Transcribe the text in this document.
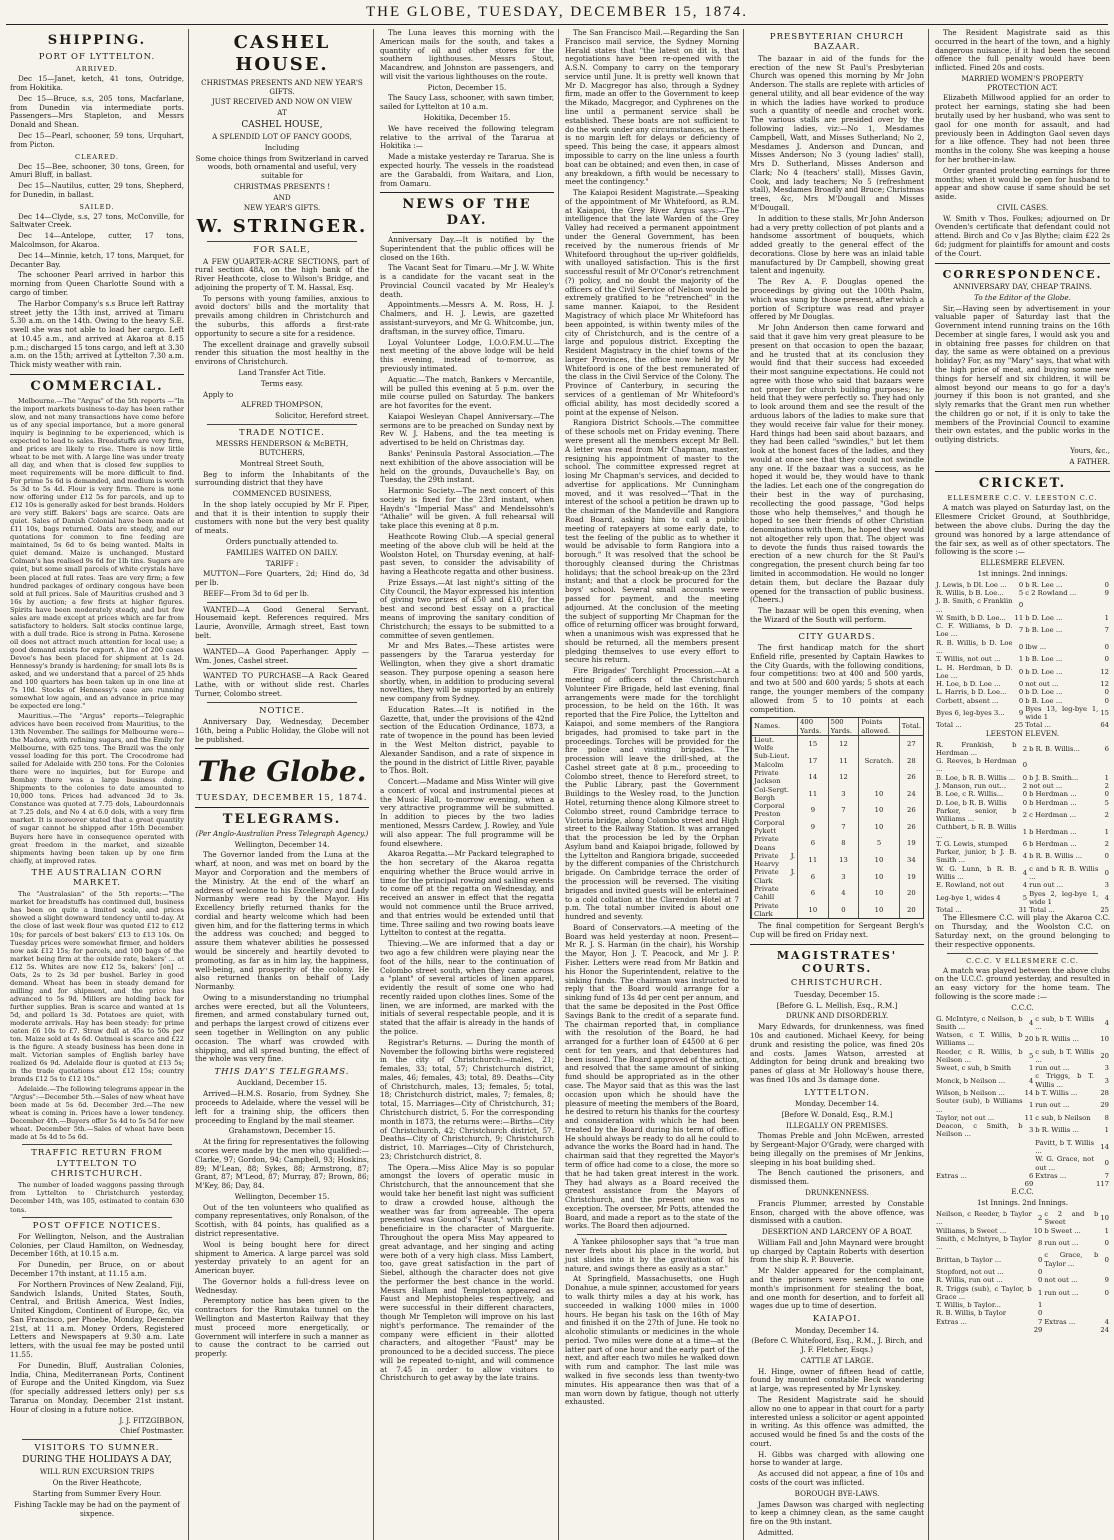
THE GLOBE, TUESDAY, DECEMBER 15, 1874.
SHIPPING.
PORT OF LYTTELTON.
ARRIVED.

Dec 15—Janet, ketch, 41 tons, Outridge, from Hokitika.

Dec 15—Bruce, s.s, 205 tons, Macfarlane, from Dunedin via intermediate ports. Passengers—Mrs Stapleton, and Messrs Donald and Shean.

Dec 15—Pearl, schooner, 59 tons, Urquhart, from Picton.

CLEARED.

Dec 15—Bee, schooner, 30 tons, Green, for Amuri Bluff, in ballast.

Dec 15—Nautilus, cutter, 29 tons, Shepherd, for Dunedin, in ballast.

SAILED.

Dec 14—Clyde, s.s, 27 tons, McConville, for Saltwater Creek.

Dec 14—Antelope, cutter, 17 tons, Malcolmson, for Akaroa.

Dec 14—Minnie, ketch, 17 tons, Marquet, for Decanter Bay.

The schooner Pearl arrived in harbor this morning from Queen Charlotte Sound with a cargo of timber.

The Harbor Company's s.s Bruce left Rattray street jetty the 13th inst, arrived at Timaru 5.30 a.m. on the 14th. Owing to the heavy S.E. swell she was not able to load her cargo. Left at 10.45 a.m., and arrived at Akaroa at 8.15 p.m.; discharged 15 tons cargo, and left at 3.30 a.m. on the 15th; arrived at Lyttelton 7.30 a.m. Thick misty weather with rain.

COMMERCIAL.

Melbourne.—The "Argus" of the 5th reports —"In the import markets business to-day has been rather slow, and not many transactions have come before us of any special importance, but a more general inquiry is beginning to be experienced, which is expected to lead to sales. Breadstuffs are very firm, and prices are likely to rise. There is now little wheat to be met with. A large line was under treaty all day, and when that is closed few supplies to meet requirements will be more difficult to find. For prime 5s 6d is demanded, and medium is worth 5s 3d to 5s 4d. Flour is very firm. There is none now offering under £12 5s for parcels, and up to £12 10s is generally asked for best brands. Holders are very stiff. Bakers' bags are scarce. Oats are quiet. Sales of Danish Colonial have been made at £11 10s, bags returned. Oats are steady, and our quotations for common to fine feeding are maintained, 5s 6d to 6s being wanted. Malts in quiet demand. Maize is unchanged. Mustard Colman's has realised 9s 6d for 1lb tins. Sugars are quiet, but some small parcels of white crystals have been placed at full rates. Teas are very firm; a few hundred packages of ordinary congous have been sold at full prices. Sale of Mauritius crushed and 3 16s by auction; a few firsts at higher figures. Spirits have been moderately steady, and but few sales are made except at prices which are far from satisfactory to holders. Salt stocks continue large, with a dull trade. Rice is strong in Patna. Kerosene oil does not attract much attention for local use; a good demand exists for export. A line of 200 cases Devoe's has been placed for shipment at 1s 2d. Hennessy's brandy is hardening; for small lots 8s is asked, and we understand that a parcel of 25 hhds and 100 quarters has been taken up in one line at 7s 10d. Stocks of Hennessy's case are running somewhat low again, and an advance in price may be expected ere long."

Mauritius.—The "Argus" reports—Telegraphic advices have been received from Mauritius, to the 13th November. The sailings for Melbourne were—the Madora, with refining sugars, and the Emily for Melbourne, with 625 tons. The Brazil was the only vessel loading for this port. The Crocodrome had sailed for Adelaide with 250 tons. For the Colonies there were no inquiries, but for Europe and Bombay there was a large business doing. Shipments to the colonies to date amounted to 10,000 tons. Prices had advanced 3d to 3s. Constance was quoted at 7.75 dols, Labourdonnais at 7.25 dols, and No 4 at 6.0 dols, with a very firm market. It is moreover stated that a great quantity of sugar cannot be shipped after 15th December. Buyers here have in consequence operated with great freedom in the market, and sizeable shipments having been taken up by one firm chiefly, at improved rates.

THE AUSTRALIAN CORN MARKET.

The "Australasian" of the 5th reports:—"The market for breadstuffs has continued dull, business has been on quite a limited scale, and prices showed a slight downward tendency until to-day. At the close of last week flour was quoted £12 to £12 10s; for parcels of best bakers' £13 to £13 10s. On Tuesday prices were somewhat firmer, and holders now ask £12 15s; for parcels, and 100 bags of the market being firm at the outside rate, bakers' ... at £12 5s. Whites are now £12 5s, bakers' [on] ... Oats, 2s to 2s 3d per bushel. Barley in good demand. Wheat has been in steady demand for milling and for shipment, and the price has advanced to 5s 9d. Millers are holding back for further supplies. Bran is scarce and wanted at 1s 5d, and pollard 1s 3d. Potatoes are quiet, with moderate arrivals. Hay has been steady: for prime oaten £6 10s to £7. Straw dull at 45s to 50s per ton. Maize sold at 4s 6d. Oatmeal is scarce and £22 is the figure. A steady business has been done in malt. Victorian samples of English barley have realized 6s 9d. Adelaide flour is quoted at £13 5s; in the trade quotations about £12 15s; country brands £12 5s to £12 10s."

Adelaide.—The following telegrams appear in the "Argus":—December 5th.—Sales of new wheat have been made at 5s 6d. December 3rd.—The new wheat is coming in. Prices have a lower tendency. December 4th.—Buyers offer 5s 4d to 5s 5d for new wheat. December 5th.—Sales of wheat have been made at 5s 4d to 5s 6d.

TRAFFIC RETURN FROM LYTTELTON TO CHRISTCHURCH.

The number of loaded waggons passing through from Lyttelton to Christchurch yesterday, December 14th, was 105, estimated to contain 630 tons.

POST OFFICE NOTICES.

For Wellington, Nelson, and the Australian Colonies, per Claud Hamilton, on Wednesday, December 16th, at 10.15 a.m.

For Dunedin, per Bruce, on or about December 17th instant, at 11.15 a.m.

For Northern Provinces of New Zealand, Fiji, Sandwich Islands, United States, South, Central, and British America, West Indies, United Kingdom, Continent of Europe, &c, via San Francisco, per Phoebe, Monday, December 21st, at 11 a.m. Money Orders, Registered Letters and Newspapers at 9.30 a.m. Late letters, with the usual fee may be posted until 11.55.

For Dunedin, Bluff, Australian Colonies, India, China, Mediterranean Ports, Continent of Europe and the United Kingdom, via Suez (for specially addressed letters only) per s.s Tararua on Monday, December 21st instant. Hour of closing in a future notice.

J. J. FITZGIBBON,

Chief Postmaster.

VISITORS TO SUMNER.

DURING THE HOLIDAYS A DAY,

WILL RUN EXCURSION TRIPS

On the River Heathcote,

Starting from Summer Every Hour.

Fishing Tackle may be had on the payment of sixpence.

CASHEL HOUSE.

CHRISTMAS PRESENTS AND NEW YEAR'S GIFTS.

JUST RECEIVED AND NOW ON VIEW

AT

CASHEL HOUSE,

A SPLENDID LOT OF FANCY GOODS,

Including

Some choice things from Switzerland in carved woods, both ornamental and useful, very suitable for

CHRISTMAS PRESENTS !

AND

NEW YEAR'S GIFTS.

W. STRINGER.
FOR SALE,

A FEW QUARTER-ACRE SECTIONS, part of rural section 48A, on the high bank of the River Heathcote, close to Wilson's Bridge, and adjoining the property of T. M. Hassal, Esq.

To persons with young families, anxious to avoid doctors' bills and the mortality that prevails among children in Christchurch and the suburbs, this affords a first-rate opportunity to secure a site for a residence.

The excellent drainage and gravelly subsoil render this situation the most healthy in the environs of Christchurch.

Land Transfer Act Title.

Terms easy.

Apply to

ALFRED THOMPSON,

Solicitor, Hereford street.

TRADE NOTICE.

MESSRS HENDERSON & McBETH, BUTCHERS,

Montreal Street South,

Beg to inform the Inhabitants of the surrounding district that they have

COMMENCED BUSINESS,

In the shop lately occupied by Mr F. Piper, and that it is their intention to supply their customers with none but the very best quality of meats.

Orders punctually attended to.

FAMILIES WAITED ON DAILY.

TARIFF :

MUTTON—Fore Quarters, 2d; Hind do, 3d per lb.

BEEF—From 3d to 6d per lb.

WANTED—A Good General Servant. Housemaid kept. References required. Mrs Laurie, Avonville, Armagh street, East town belt.

WANTED—A Good Paperhanger. Apply —Wm. Jones, Cashel street.

WANTED TO PURCHASE—A Rack Geared Lathe, with or without slide rest. Charles Turner, Colombo street.

NOTICE.

Anniversary Day, Wednesday, December 16th, being a Public Holiday, the Globe will not be published.

The Globe.
TUESDAY, DECEMBER 15, 1874.
TELEGRAMS.

(Per Anglo-Australian Press Telegraph Agency.)

Wellington, December 14.

The Governor landed from the Luna at the wharf, at noon, and was met on board by the Mayor and Corporation and the members of the Ministry. At the end of the wharf an address of welcome to his Excellency and Lady Normanby were read by the Mayor. His Excellency briefly returned thanks for the cordial and hearty welcome which had been given him, and for the flattering terms in which the address was couched; and begged to assure them whatever abilities he possessed would be sincerely and heartily devoted to promoting, as far as in him lay, the happiness, well-being, and prosperity of the colony. He also returned thanks on behalf of Lady Normanby.

Owing to a misunderstanding no triumphal arches were erected, but all the Volunteers, firemen, and armed constabulary turned out, and perhaps the largest crowd of citizens ever seen together in Wellington on any public occasion. The wharf was crowded with shipping, and all spread bunting, the effect of the whole was very fine.

THIS DAY'S TELEGRAMS.

Auckland, December 15.

Arrived—H.M.S. Rosario, from Sydney. She proceeds to Adelaide, where the vessel will be left for a training ship, the officers then proceeding to England by the mail steamer.

Grahamstown, December 15.

At the firing for representatives the following scores were made by the men who qualified:—Clarke, 97; Gordon, 94; Campbell, 93; Hoskins, 89; M'Lean, 88; Sykes, 88; Armstrong, 87; Grant, 87; M'Leod, 87; Murray, 87; Brown, 86; M'Key, 86; Day, 84.

Wellington, December 15.

Out of the ten volunteers who qualified as company representatives, only Ronalson, of the Scottish, with 84 points, has qualified as a district representative.

Wool is being bought here for direct shipment to America. A large parcel was sold yesterday privately to an agent for an American buyer.

The Governor holds a full-dress levee on Wednesday.

Peremptory notice has been given to the contractors for the Rimutaka tunnel on the Wellington and Masterton Railway that they must proceed more energetically, or Government will interfere in such a manner as to cause the contract to be carried out properly.

The Luna leaves this morning with the American mails for the south, and takes a quantity of oil and other stores for the southern lighthouses. Messrs Stout, Macandrew, and Johnston are passengers, and will visit the various lighthouses on the route.

Picton, December 15.

The Saucy Lass, schooner, with sawn timber, sailed for Lyttelton at 10 a.m.

Hokitika, December 15.

We have received the following telegram relative to the arrival of the Tararua at Hokitika :—

Made a mistake yesterday re Tararua. She is expected hourly. The vessels in the roadstead are the Garabaldi, from Waitara, and Lion, from Oamaru.

NEWS OF THE DAY.

Anniversary Day.—It is notified by the Superintendent that the public offices will be closed on the 16th.

The Vacant Seat for Timaru.—Mr J. W. White is a candidate for the vacant seat in the Provincial Council vacated by Mr Healey's death.

Appointments.—Messrs A. M. Ross, H. J. Chalmers, and H. J. Lewis, are gazetted assistant-surveyors, and Mr G. Whitcombe, jun, draftsman, in the survey office, Timaru.

Loyal Volunteer Lodge, I.O.O.F.M.U.—The next meeting of the above lodge will be held this evening, instead of to-morrow, as previously intimated.

Aquatic.—The match, Bankers v Mercantile, will be pulled this evening at 5 p.m. over the mile course pulled on Saturday. The bankers are hot favorites for the event.

Kaiapoi Wesleyan Chapel Anniversary.—The sermons are to be preached on Sunday next by Rev W. J. Habens, and the tea meeting is advertised to be held on Christmas day.

Banks' Peninsula Pastoral Association.—The next exhibition of the above association will be held on the grounds, Duvauchelle's Bay, on Tuesday, the 29th instant.

Harmonic Society.—The next concert of this society is fixed for the 23rd instant, when Haydn's "Imperial Mass" and Mendelssohn's "Athalie" will be given. A full rehearsal will take place this evening at 8 p.m.

Heathcote Rowing Club.—A special general meeting of the above club will be held at the Woolston Hotel, on Thursday evening, at half-past seven, to consider the advisability of having a Heathcote regatta and other business.

Prize Essays.—At last night's sitting of the City Council, the Mayor expressed his intention of giving two prizes of £50 and £10, for the best and second best essay on a practical means of improving the sanitary condition of Christchurch; the essays to be submitted to a committee of seven gentlemen.

Mr and Mrs Bates.—These artistes were passengers by the Tararua yesterday for Wellington, when they give a short dramatic season. They purpose opening a season here shortly, when, in addition to producing several novelties, they will be supported by an entirely new company from Sydney.

Education Rates.—It is notified in the Gazette, that, under the provisions of the 42nd section of the Education Ordinance, 1873, a rate of twopence in the pound has been levied in the West Melton district, payable to Alexander Sandison, and a rate of sixpence in the pound in the district of Little River, payable to Thos. Bolt.

Concert.—Madame and Miss Winter will give a concert of vocal and instrumental pieces at the Music Hall, to-morrow evening, when a very attractive programme will be submitted. In addition to pieces by the two ladies mentioned, Messrs Cardew, J. Rowley, and Yule will also appear. The full programme will be found elsewhere.

Akaroa Regatta.—Mr Packard telegraphed to the hon secretary of the Akaroa regatta enquiring whether the Bruce would arrive in time for the principal rowing and sailing events to come off at the regatta on Wednesday, and received an answer in effect that the regatta would not commence until the Bruce arrived, and that entries would be extended until that time. Three sailing and two rowing boats leave Lyttelton to contest at the regatta.

Thieving.—We are informed that a day or two ago a few children were playing near the foot of the hills, near to the continuation of Colombo street south, when they came across a "plant" of several articles of linen apparel, evidently the result of some one who had recently raided upon clothes lines. Some of the linen, we are informed, are marked with the initials of several respectable people, and it is stated that the affair is already in the hands of the police.

Registrar's Returns. — During the month of November the following births were registered in the city of Christchurch:—males, 21; females, 33; total, 57; Christchurch district, males, 46; females, 43; total, 89. Deaths—City of Christchurch, males, 13; females, 5; total, 18; Christchurch district, males, 7; females, 8; total, 15. Marriages—City of Christchurch, 31; Christchurch district, 5. For the corresponding month in 1873, the returns were:—Births—City of Christchurch, 42; Christchurch district, 57. Deaths—City of Christchurch, 9; Christchurch district, 10. Marriages—City of Christchurch, 23; Christchurch district, 8.

The Opera.—Miss Alice May is so popular amongst the lovers of operatic music in Christchurch, that the announcement that she would take her benefit last night was sufficient to draw a crowded house, although the weather was far from agreeable. The opera presented was Gounod's "Faust," with the fair beneficiaire in the character of Marguerite. Throughout the opera Miss May appeared to great advantage, and her singing and acting were both of a very high class. Miss Lambert, too, gave great satisfaction in the part of Siebel, although the character does not give the performer the best chance in the world. Messrs Hallam and Templeton appeared as Faust and Mephistopheles respectively, and were successful in their different characters, though Mr Templeton will improve on his last night's performance. The remainder of the company were efficient in their allotted characters, and altogether "Faust" may be pronounced to be a decided success. The piece will be repeated to-night, and will commence at 7.45 in order to allow visitors to Christchurch to get away by the late trains.

The San Francisco Mail.—Regarding the San Francisco mail service, the Sydney Morning Herald states that "the latest on dit is, that negotiations have been re-opened with the A.S.N. Company to carry on the temporary service until June. It is pretty well known that Mr D. Macgregor has also, through a Sydney firm, made an offer to the Government to keep the Mikado, Macgregor, and Cyphrenes on the line until a permanent service shall be established. These boats are not sufficient to do the work under any circumstances, as there is no margin left for delays or deficiency of speed. This being the case, it appears almost impossible to carry on the line unless a fourth boat can be obtained; and even then, in case of any breakdown, a fifth would be necessary to meet the contingency."

The Kaiapoi Resident Magistrate.—Speaking of the appointment of Mr Whitefoord, as R.M. at Kaiapoi, the Grey River Argus says:—The intelligence that the late Warden of the Grey Valley had received a permanent appointment under the General Government, has been received by the numerous friends of Mr Whitefoord throughout the up-river goldfields, with unalloyed satisfaction. This is the first successful result of Mr O'Conor's retrenchment (?) policy, and no doubt the majority of the officers of the Civil Service of Nelson would be extremely gratified to be "retrenched" in the same manner. Kaiapoi, to the Resident Magistracy of which place Mr Whitefoord has been appointed, is within twenty miles of the city of Christchurch, and is the centre of a large and populous district. Excepting the Resident Magistracy in the chief towns of the larger Provinces, the office now held by Mr Whitefoord is one of the best remunerated of the class in the Civil Service of the Colony. The Province of Canterbury, in securing the services of a gentleman of Mr Whitefoord's official ability, has most decidedly scored a point at the expense of Nelson.

Rangiora District Schools.—The committee of these schools met on Friday evening. There were present all the members except Mr Bell. A letter was read from Mr Chapman, master, resigning his appointment of master to the school. The committee expressed regret at losing Mr Chapman's services, and decided to advertise for applications. Mr Cunningham moved, and it was resolved—"That in the interest of the school a petition be drawn up to the chairman of the Mandeville and Rangiora Road Board, asking him to call a public meeting of ratepayers at some early date, to test the feeling of the public as to whether it would be advisable to form Rangiora into a borough." It was resolved that the school be thoroughly cleansed during the Christmas holidays; that the school break-up on the 23rd instant; and that a clock be procured for the boys' school. Several small accounts were passed for payment, and the meeting adjourned. At the conclusion of the meeting the subject of supporting Mr Chapman for the office of returning officer was brought forward, when a unanimous wish was expressed that he should be returned, all the members present pledging themselves to use every effort to secure his return.

Fire Brigades' Torchlight Procession.—At a meeting of officers of the Christchurch Volunteer Fire Brigade, held last evening, final arrangements were made for the torchlight procession, to be held on the 16th. It was reported that the Fire Police, the Lyttelton and Kaiapoi, and some members of the Rangiora brigades, had promised to take part in the proceedings. Torches will be provided for the fire police and visiting brigades. The procession will leave the drill-shed, at the Cashel street gate at 8 p.m., proceeding to Colombo street, thence to Hereford street, to the Public Library, past the Government Buildings to the Wesley road, to the Junction Hotel, returning thence along Kilmore street to Colombo street, round Cambridge terrace to Victoria bridge, along Colombo street and High street to the Railway Station. It was arranged that the procession be led by the Orphan Asylum band and Kaiapoi brigade, followed by the Lyttelton and Rangiora brigade, succeeded by the different companies of the Christchurch brigade. On Cambridge terrace the order of the procession will be reversed. The visiting brigades and invited guests will be entertained to a cold collation at the Clarendon Hotel at 7 p.m. The total number invited is about one hundred and seventy.

Board of Conservators.—A meeting of the Board was held yesterday at noon. Present—Mr R. J. S. Harman (in the chair), his Worship the Mayor, Hon J. T. Peacock, and Mr J. P. Fisher. Letters were read from Mr Batkin and his Honor the Superintendent, relative to the sinking funds. The chairman was instructed to reply that the Board would arrange for a sinking fund of 13s 4d per cent per annum, and that the same be deposited in the Post Office Savings Bank to the credit of a separate fund. The chairman reported that, in compliance with the resolution of the Board, he had arranged for a further loan of £4500 at 6 per cent for ten years, and that debentures had been issued. The Board approved of the action, and resolved that the same amount of sinking fund should be appropriated as in the other case. The Mayor said that as this was the last occasion upon which he should have the pleasure of meeting the members of the Board, he desired to return his thanks for the courtesy and consideration with which he had been treated by the Board during his term of office. He should always be ready to do all he could to advance the works the Board had in hand. The chairman said that they regretted the Mayor's term of office had come to a close, the more so that he had taken great interest in the work. They had always as a Board received the greatest assistance from the Mayors of Christchurch, and the present one was no exception. The overseer, Mr Potts, attended the Board, and made a report as to the state of the works. The Board then adjourned.

A Yankee philosopher says that "a true man never frets about his place in the world, but just slides into it by the gravitation of his nature, and swings there as easily as a star."

At Springfield, Massachusetts, one Hugh Donahue, a mule spinner, accustomed for years to walk thirty miles a day at his work, has succeeded in walking 1000 miles in 1000 hours. He began his task on the 16th of May and finished it on the 27th of June. He took no alcoholic stimulants or medicines in the whole period. Two miles were done at a time—at the latter part of one hour and the early part of the next, and after each two miles he walked down with rum and camphor. The last mile was walked in five seconds less than twenty-two minutes. His appearance then was that of a man worn down by fatigue, though not utterly exhausted.

PRESBYTERIAN CHURCH BAZAAR.

The bazaar in aid of the funds for the erection of the new St Paul's Presbyterian Church was opened this morning by Mr John Anderson. The stalls are replete with articles of general utility, and all bear evidence of the way in which the ladies have worked to produce such a quantity of needle and crochet work. The various stalls are presided over by the following ladies, viz:—No 1, Mesdames Campbell, Watt, and Misses Sutherland; No 2, Mesdames J. Anderson and Duncan, and Misses Anderson; No 3 (young ladies' stall), Mrs D. Sutherland, Misses Anderson and Clark; No 4 (teachers' stall), Misses Gavin, Cook, and lady teachers; No 5 (refreshment stall), Mesdames Broadly and Bruce; Christmas trees, &c, Mrs M'Dougall and Misses M'Dougall.

In addition to these stalls, Mr John Anderson had a very pretty collection of pot plants and a handsome assortment of bouquets, which added greatly to the general effect of the decorations. Close by here was an inlaid table manufactured by Dr Campbell, showing great talent and ingenuity.

The Rev A. F. Douglas opened the proceedings by giving out the 100th Psalm, which was sung by those present, after which a portion of Scripture was read and prayer offered by Mr Douglas.

Mr John Anderson then came forward and said that it gave him very great pleasure to be present on that occasion to open the bazaar, and he trusted that at its conclusion they would find that their success had exceeded their most sanguine expectations. He could not agree with those who said that bazaars were not proper for church building purposes; he held that they were perfectly so. They had only to look around them and see the result of the arduous labors of the ladies to make sure that they would receive fair value for their money. Hard things had been said about bazaars, and they had been called "swindles," but let them look at the honest faces of the ladies, and they would at once see that they could not swindle any one. If the bazaar was a success, as he hoped it would be, they would have to thank the ladies. Let each one of the congregation do their best in the way of purchasing, recollecting the good passage, "God helps those who help themselves," and though he hoped to see their friends of other Christian denominations with them, he hoped they would not altogether rely upon that. The object was to devote the funds thus raised towards the erection of a new church for the St Paul's congregation, the present church being far too limited in accommodation. He would no longer detain them, but declare the Bazaar duly opened for the transaction of public business. (Cheers.)

The bazaar will be open this evening, when the Wizard of the South will perform.

CITY GUARDS.

The first handicap match for the short Enfield rifle, presented by Captain Hawkes to the City Guards, with the following conditions, four competitions: two at 400 and 500 yards, and two at 500 and 600 yards; 5 shots at each range, the younger members of the company allowed from 5 to 10 points at each competition.

Names.	400 Yards.	500 Yards.	Points allowed.	Total.
Lieut. Wolfe	15	12		27
Sub-Lieut. Malcolm	17	11	Scratch.	28
Private Jackson	14	12		26
Col-Sergt. Bergh	11	3	10	24
Corporal Preston	9	7	10	26
Corporal Pykett	9	7	10	26
Private Deans	6	8	5	19
Private J. Hearvy	11	13	10	34
Private J. Clark	6	3	10	19
Private Cahill	6	4	10	20
Private Clark	10	0	10	20

The final competition for Sergeant Bergh's Cup will be fired on Friday next.

MAGISTRATES' COURTS.
CHRISTCHURCH.

Tuesday, December 15.

[Before G. L. Mellish, Esq., R.M.]

DRUNK AND DISORDERLY.

Mary Edwards, for drunkenness, was fined 10s and cautioned. Michael Keevy, for being drunk and resisting the police, was fined 20s and costs. James Watson, arrested at Addington for being drunk and breaking two panes of glass at Mr Holloway's house there, was fined 10s and 3s damage done.

LYTTELTON.

Monday, December 14.

[Before W. Donald, Esq., R.M.]

ILLEGALLY ON PREMISES.

Thomas Preble and John McEwen, arrested by Sergeant-Major O'Grady, were charged with being illegally on the premises of Mr Jenkins, sleeping in his boat building shed.

The Bench cautioned the prisoners, and dismissed them.

DRUNKENNESS.

Francis Plummer, arrested by Constable Enson, charged with the above offence, was dismissed with a caution.

DESERTION AND LARCENY OF A BOAT.

William Fall and John Maynard were brought up charged by Captain Roberts with desertion from the ship R. P. Bouverie.

Mr Nalder appeared for the complainant, and the prisoners were sentenced to one month's imprisonment for stealing the boat, and one month for desertion, and to forfeit all wages due up to time of desertion.

KAIAPOI.

Monday, December 14.

(Before C. Whitefoord, Esq., R.M., J. Birch, and J. F. Fletcher, Esqs.)

CATTLE AT LARGE.

H. Hinge, owner of fifteen head of cattle, found by mounted constable Beck wandering at large, was represented by Mr Lynskey.

The Resident Magistrate said he should allow no one to appear in that court for a party interested unless a solicitor or agent appointed in writing. As this offence was admitted, the accused would be fined 5s and the costs of the court.

H. Gibbs was charged with allowing one horse to wander at large.

As accused did not appear, a fine of 10s and costs of the court was inflicted.

BOROUGH BYE-LAWS.

James Dawson was charged with neglecting to keep a chimney clean, as the same caught fire on the 9th instant.

Admitted.

The Resident Magistrate said as this occurred in the heart of the town, and a highly dangerous nuisance, if it had been the second offence the full penalty would have been inflicted. Fined 20s and costs.

MARRIED WOMEN'S PROPERTY PROTECTION ACT.

Elizabeth Millwood applied for an order to protect her earnings, stating she had been brutally used by her husband, who was sent to gaol for one month for assault, and had previously been in Addington Gaol seven days for a like offence. They had not been three months in the colony. She was keeping a house for her brother-in-law.

Order granted protecting earnings for three months; when it would be open for husband to appear and show cause if same should be set aside.

CIVIL CASES.

W. Smith v Thos. Foulkes; adjourned on Dr Ovenden's certificate that defendant could not attend. Birch and Co v Jas Blythe; claim £22 2s 6d; judgment for plaintiffs for amount and costs of the Court.

CORRESPONDENCE.

ANNIVERSARY DAY, CHEAP TRAINS.

To the Editor of the Globe.

Sir,—Having seen by advertisement in your valuable paper of Saturday last that the Government intend running trains on the 16th December at single fares, I would ask you and in obtaining free passes for children on that day, the same as were obtained on a previous holiday? For, as my "Mary" says, that what with the high price of meat, and buying some new things for herself and six children, it will be almost beyond our means to go for a day's journey if this boon is not granted, and she slyly remarks that the Grant men run whether the children go or not, if it is only to take the members of the Provincial Council to examine their own estates, and the public works in the outlying districts.

Yours, &c.,

A FATHER.

CRICKET.
ELLESMERE C.C. V. LEESTON C.C.

A match was played on Saturday last, on the Ellesmere Cricket Ground, at Southbridge, between the above clubs. During the day the ground was honored by a large attendance of the fair sex, as well as of other spectators. The following is the score :—

ELLESMERE ELEVEN.

1st innings. 2nd innings.

J. Lewis, b Dl. Loe ...	0	b R. Lee ...	0
R. Willis, b B. Loe...	5	c 2 Rowland ...	9
J. B. Smith, c Franklin ...	0		
W. Smith, b D. Loe...	11	b D. Loe ...	1
C. F. Williams, b D. Loe ...	7	b B. Loe ...	7
R. B. Willis, b D. Loe ...	0	lbw ...	0
T. Willis, not out ...	1	b B. Loe ...	0
L. H. Herdman, b D. Loe ...	0	b D. Loe ...	12
H. Loe, b D. Loe ...	0	not out ...	12
L. Harris, b D. Loe...	0	b D. Loe ...	0
Corbett, absent ...	0	b B. Loe ...	0
Byes 6, leg-byes 3...	9	Byes 13, leg-bye 1, wide 1	15
Total ...	25	Total ...	64

LEESTON ELEVEN.

R. Frankish, b Herdman ...	2	b R. B. Willis...	6
G. Reeves, b Herdman ...	0		
B. Loe, b R. B. Willis ...	0	b J. B. Smith...	1
J. Manson, run out...	2	not out ...	2
B. Loe, c R. Willis...	0	b Herdman ...	0
D. Loe, b R. B. Willis	0	b Herdman ...	5
Parker, senior, b Williams ...	2	c Herdman ...	2
Cuthbert, b R. B. Willis ...	1	b Herdman ...	1
T. G. Lewis, stumped	6	b Herdman ...	2
Parker, junior, b J. B. Smith ...	4	b R. B. Willis ...	0
W. G. Lunn, b R. B. Willis ...	4	c and b R. B. Willis ...	0
E. Rowland, not out	4	run out ...	3
Leg-bye 1, wides 4	5	Byes 2, leg-bye 1, wide 1	4
Total ...	31	Total ...	25

The Ellesmere C.C. will play the Akaroa C.C. on Thursday, and the Woolston C.C. on Saturday next, on the ground belonging to their respective opponents.

C.C.C. V ELLESMERE C.C.

A match was played between the above clubs on the U.C.C. ground yesterday, and resulted in an easy victory for the home team. The following is the score made :—

C.C.C.

G. McIntyre, c Neilson, b Smith ...	4	c sub, b T. Willis ...	4
Watson, c T. Willis, b Williams ...	20	b R. Willis ...	10
Reeder, c R. Willis, b Neilson ...	5	c sub, b T. Willis ...	20
Sweet, c sub, b Smith	1	run out ...	3
Monck, b Neilson ...	4	c Triggs, b T. Willis ...	3
Wilson, b Neilson ...	14	b T. Willis ...	28
Souter (sub), b Williams ...	1	run out ...	29
Taylor, not out ...	11	c sub, b Neilson	8
Deacon, c Smith, b Neilson ...	3	b R. Willis ...	1
		Pavitt, b T. Willis ...	14
		W. G. Grace, not out ...	0
Extras ...	6	Extras ...	7
	69		117

E.C.C.

1st Innings. 2nd Innings.

Neilson, c Reeder, b Taylor ...	2	c 2 and b Sweet	10
Williams, b Sweet ...	10	b Sweet ...	1
Smith, c McIntyre, b Taylor ...	8	run out ...	0
Brittan, b Taylor ...	0	c Grace, b Taylor ...	0
Stopford, not out ...	0		
R. Willis, run out ...	0	not out ...	9
R. Triggs (sub), c Taylor, b Grace ...	1	run out ...	0
T. Willis, b Taylor...	1		
R. B. Willis, b Taylor	0		
Extras ...	7	Extras ...	4
	29		24
